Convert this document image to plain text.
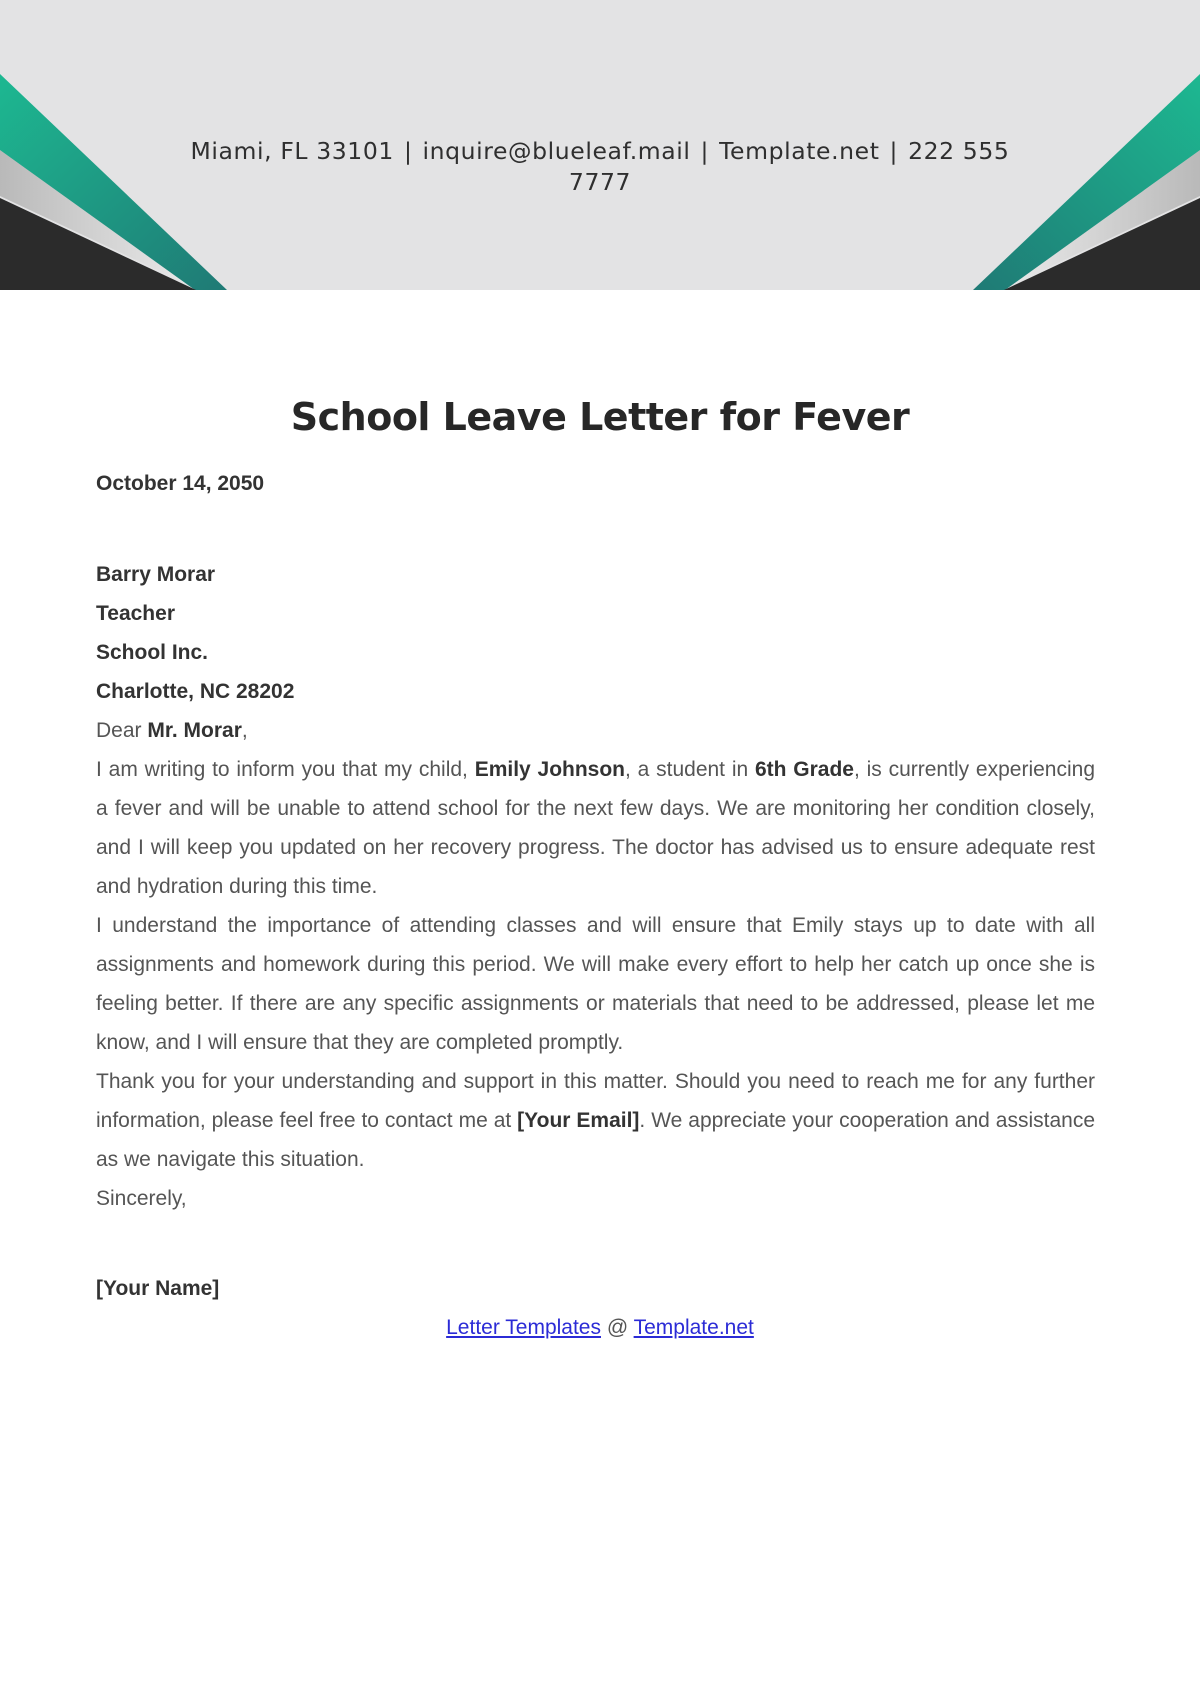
Miami, FL 33101 | inquire@blueleaf.mail | Template.net | 222 555
7777
School Leave Letter for Fever
October 14, 2050
Barry Morar
Teacher
School Inc.
Charlotte, NC 28202
Dear Mr. Morar,
I am writing to inform you that my child, Emily Johnson, a student in 6th Grade, is currently experiencing a fever and will be unable to attend school for the next few days. We are monitoring her condition closely, and I will keep you updated on her recovery progress. The doctor has advised us to ensure adequate rest and hydration during this time.
I understand the importance of attending classes and will ensure that Emily stays up to date with all assignments and homework during this period. We will make every effort to help her catch up once she is feeling better. If there are any specific assignments or materials that need to be addressed, please let me know, and I will ensure that they are completed promptly.
Thank you for your understanding and support in this matter. Should you need to reach me for any further information, please feel free to contact me at [Your Email]. We appreciate your cooperation and assistance as we navigate this situation.
Sincerely,
[Your Name]
Letter Templates @ Template.net
